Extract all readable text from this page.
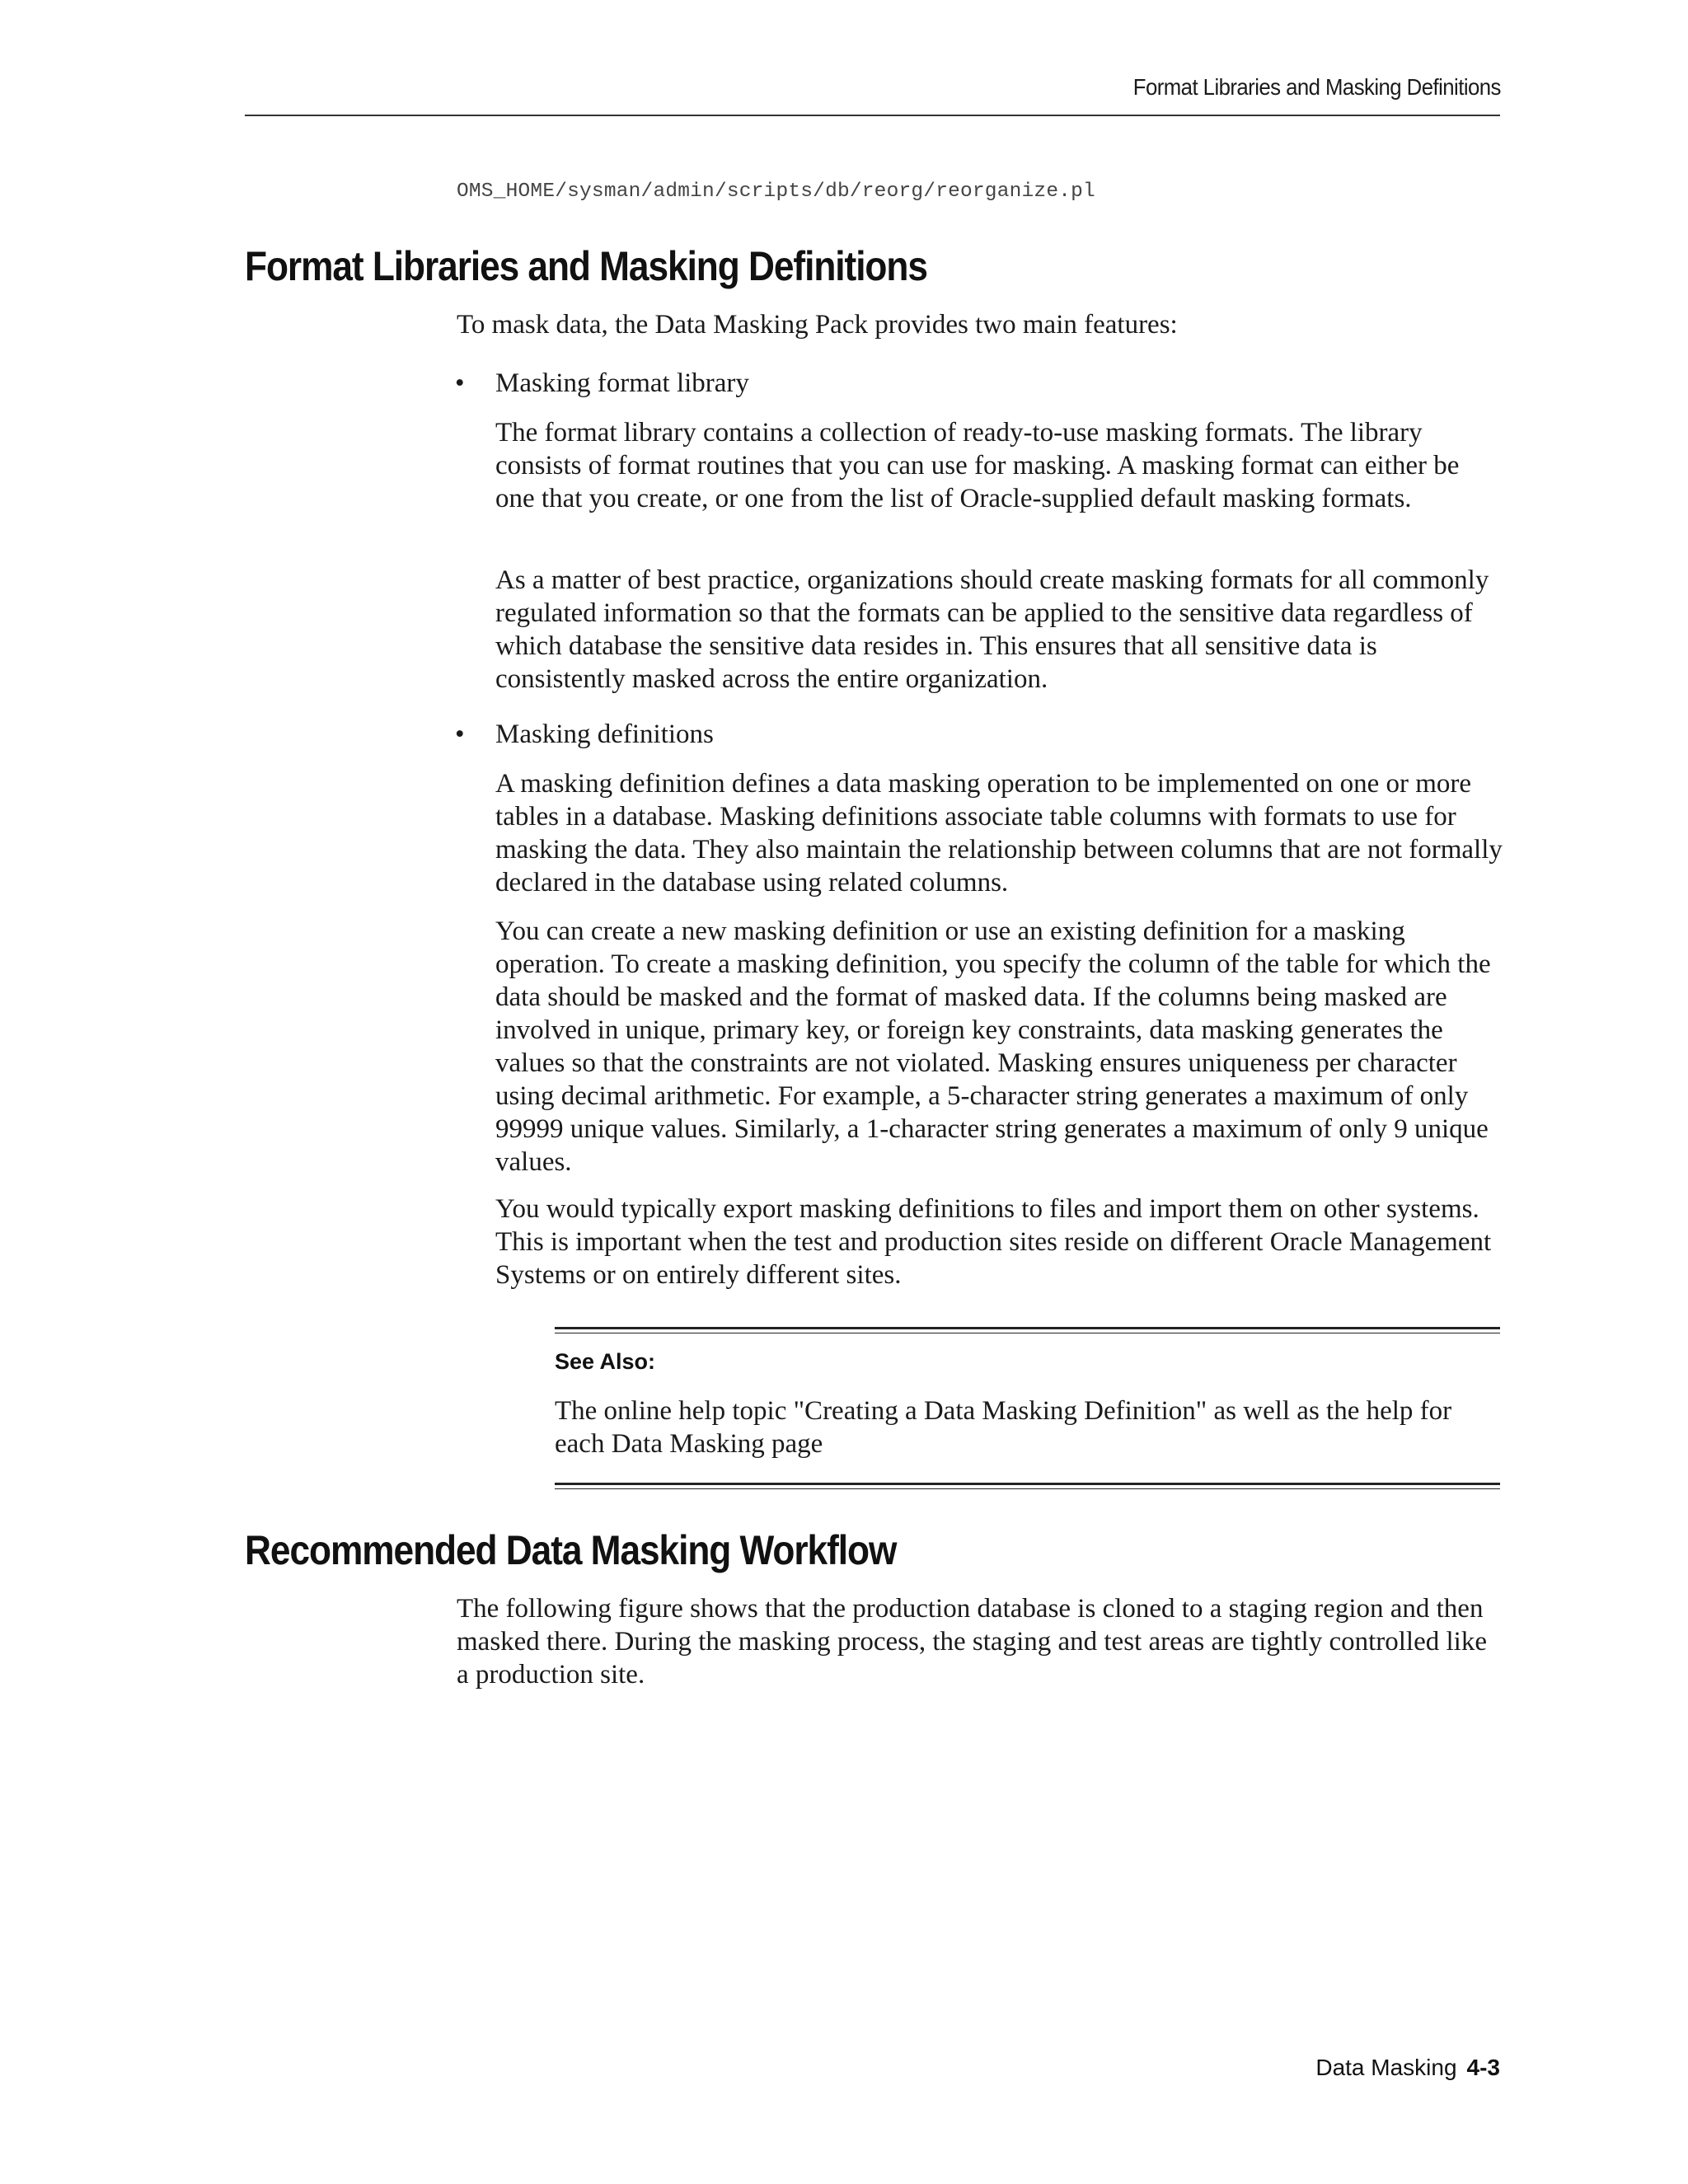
Format Libraries and Masking Definitions
OMS_HOME/sysman/admin/scripts/db/reorg/reorganize.pl
Format Libraries and Masking Definitions

To mask data, the Data Masking Pack provides two main features:

• Masking format library

The format library contains a collection of ready-to-use masking formats. The library consists of format routines that you can use for masking. A masking format can either be one that you create, or one from the list of Oracle-supplied default masking formats.

As a matter of best practice, organizations should create masking formats for all commonly regulated information so that the formats can be applied to the sensitive data regardless of which database the sensitive data resides in. This ensures that all sensitive data is consistently masked across the entire organization.

• Masking definitions

A masking definition defines a data masking operation to be implemented on one or more tables in a database. Masking definitions associate table columns with formats to use for masking the data. They also maintain the relationship between columns that are not formally declared in the database using related columns.

You can create a new masking definition or use an existing definition for a masking operation. To create a masking definition, you specify the column of the table for which the data should be masked and the format of masked data. If the columns being masked are involved in unique, primary key, or foreign key constraints, data masking generates the values so that the constraints are not violated. Masking ensures uniqueness per character using decimal arithmetic. For example, a 5-character string generates a maximum of only 99999 unique values. Similarly, a 1-character string generates a maximum of only 9 unique values.

You would typically export masking definitions to files and import them on other systems. This is important when the test and production sites reside on different Oracle Management Systems or on entirely different sites.

See Also:

The online help topic "Creating a Data Masking Definition" as well as the help for each Data Masking page

Recommended Data Masking Workflow

The following figure shows that the production database is cloned to a staging region and then masked there. During the masking process, the staging and test areas are tightly controlled like a production site.

Data Masking 4-3
